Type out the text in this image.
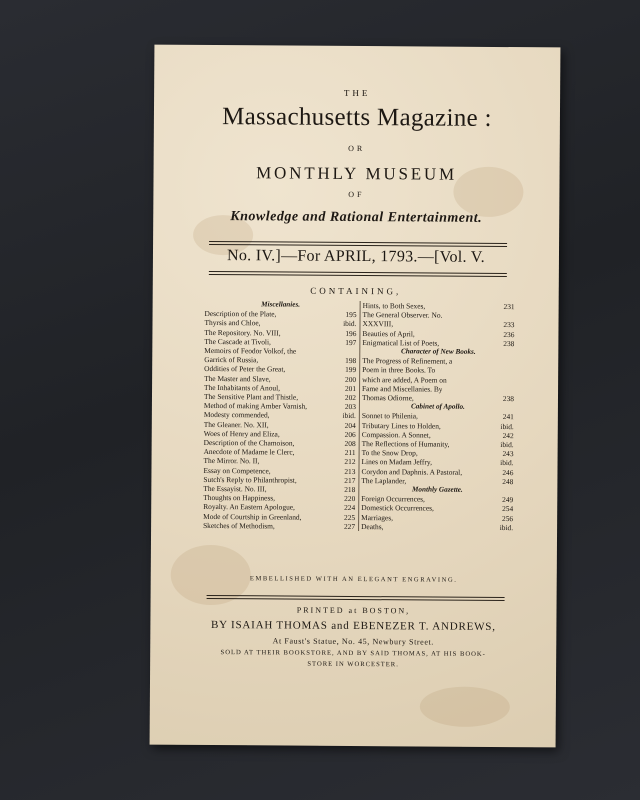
THE
Massachusetts Magazine :
OR
MONTHLY MUSEUM
OF
Knowledge and Rational Entertainment.
No. IV.]—For APRIL, 1793.—[Vol. V.
CONTAINING,
Miscellanies.
Description of the Plate,	195
Thyrsis and Chloe,	ibid.
The Repository. No. VIII,	196
The Cascade at Tivoli,	197
Memoirs of Feodor Volkof, the
Garrick of Russia,	198
Oddities of Peter the Great,	199
The Master and Slave,	200
The Inhabitants of Anoul,	201
The Sensitive Plant and Thistle,	202
Method of making Amber Varnish,	203
Modesty commended,	ibid.
The Gleaner. No. XII,	204
Woes of Henry and Eliza,	206
Description of the Chamoison,	208
Anecdote of Madame le Clerc,	211
The Mirror. No. II,	212
Essay on Competence,	213
Sutch's Reply to Philanthropist,	217
The Essayist. No. III,	218
Thoughts on Happiness,	220
Royalty. An Eastern Apologue,	224
Mode of Courtship in Greenland,	225
Sketches of Methodism,	227
Hints, to Both Sexes,	231
The General Observer. No.
XXXVIII,	233
Beauties of April,	236
Enigmatical List of Poets,	238
Character of New Books.
The Progress of Refinement, a
Poem in three Books. To
which are added, A Poem on
Fame and Miscellanies. By
Thomas Odiorne,	238
Cabinet of Apollo.
Sonnet to Philenia,	241
Tributary Lines to Holden,	ibid.
Compassion. A Sonnet,	242
The Reflections of Humanity,	ibid.
To the Snow Drop,	243
Lines on Madam Jeffry,	ibid.
Corydon and Daphnis. A Pastoral,	246
The Laplander,	248
Monthly Gazette.
Foreign Occurrences,	249
Domestick Occurrences,	254
Marriages,	256
Deaths,	ibid.
EMBELLISHED WITH AN ELEGANT ENGRAVING.
PRINTED at BOSTON,
BY ISAIAH THOMAS and EBENEZER T. ANDREWS,
At Faust's Statue, No. 45, Newbury Street.
SOLD AT THEIR BOOKSTORE, AND BY SAID THOMAS, AT HIS BOOK-
STORE IN WORCESTER.
